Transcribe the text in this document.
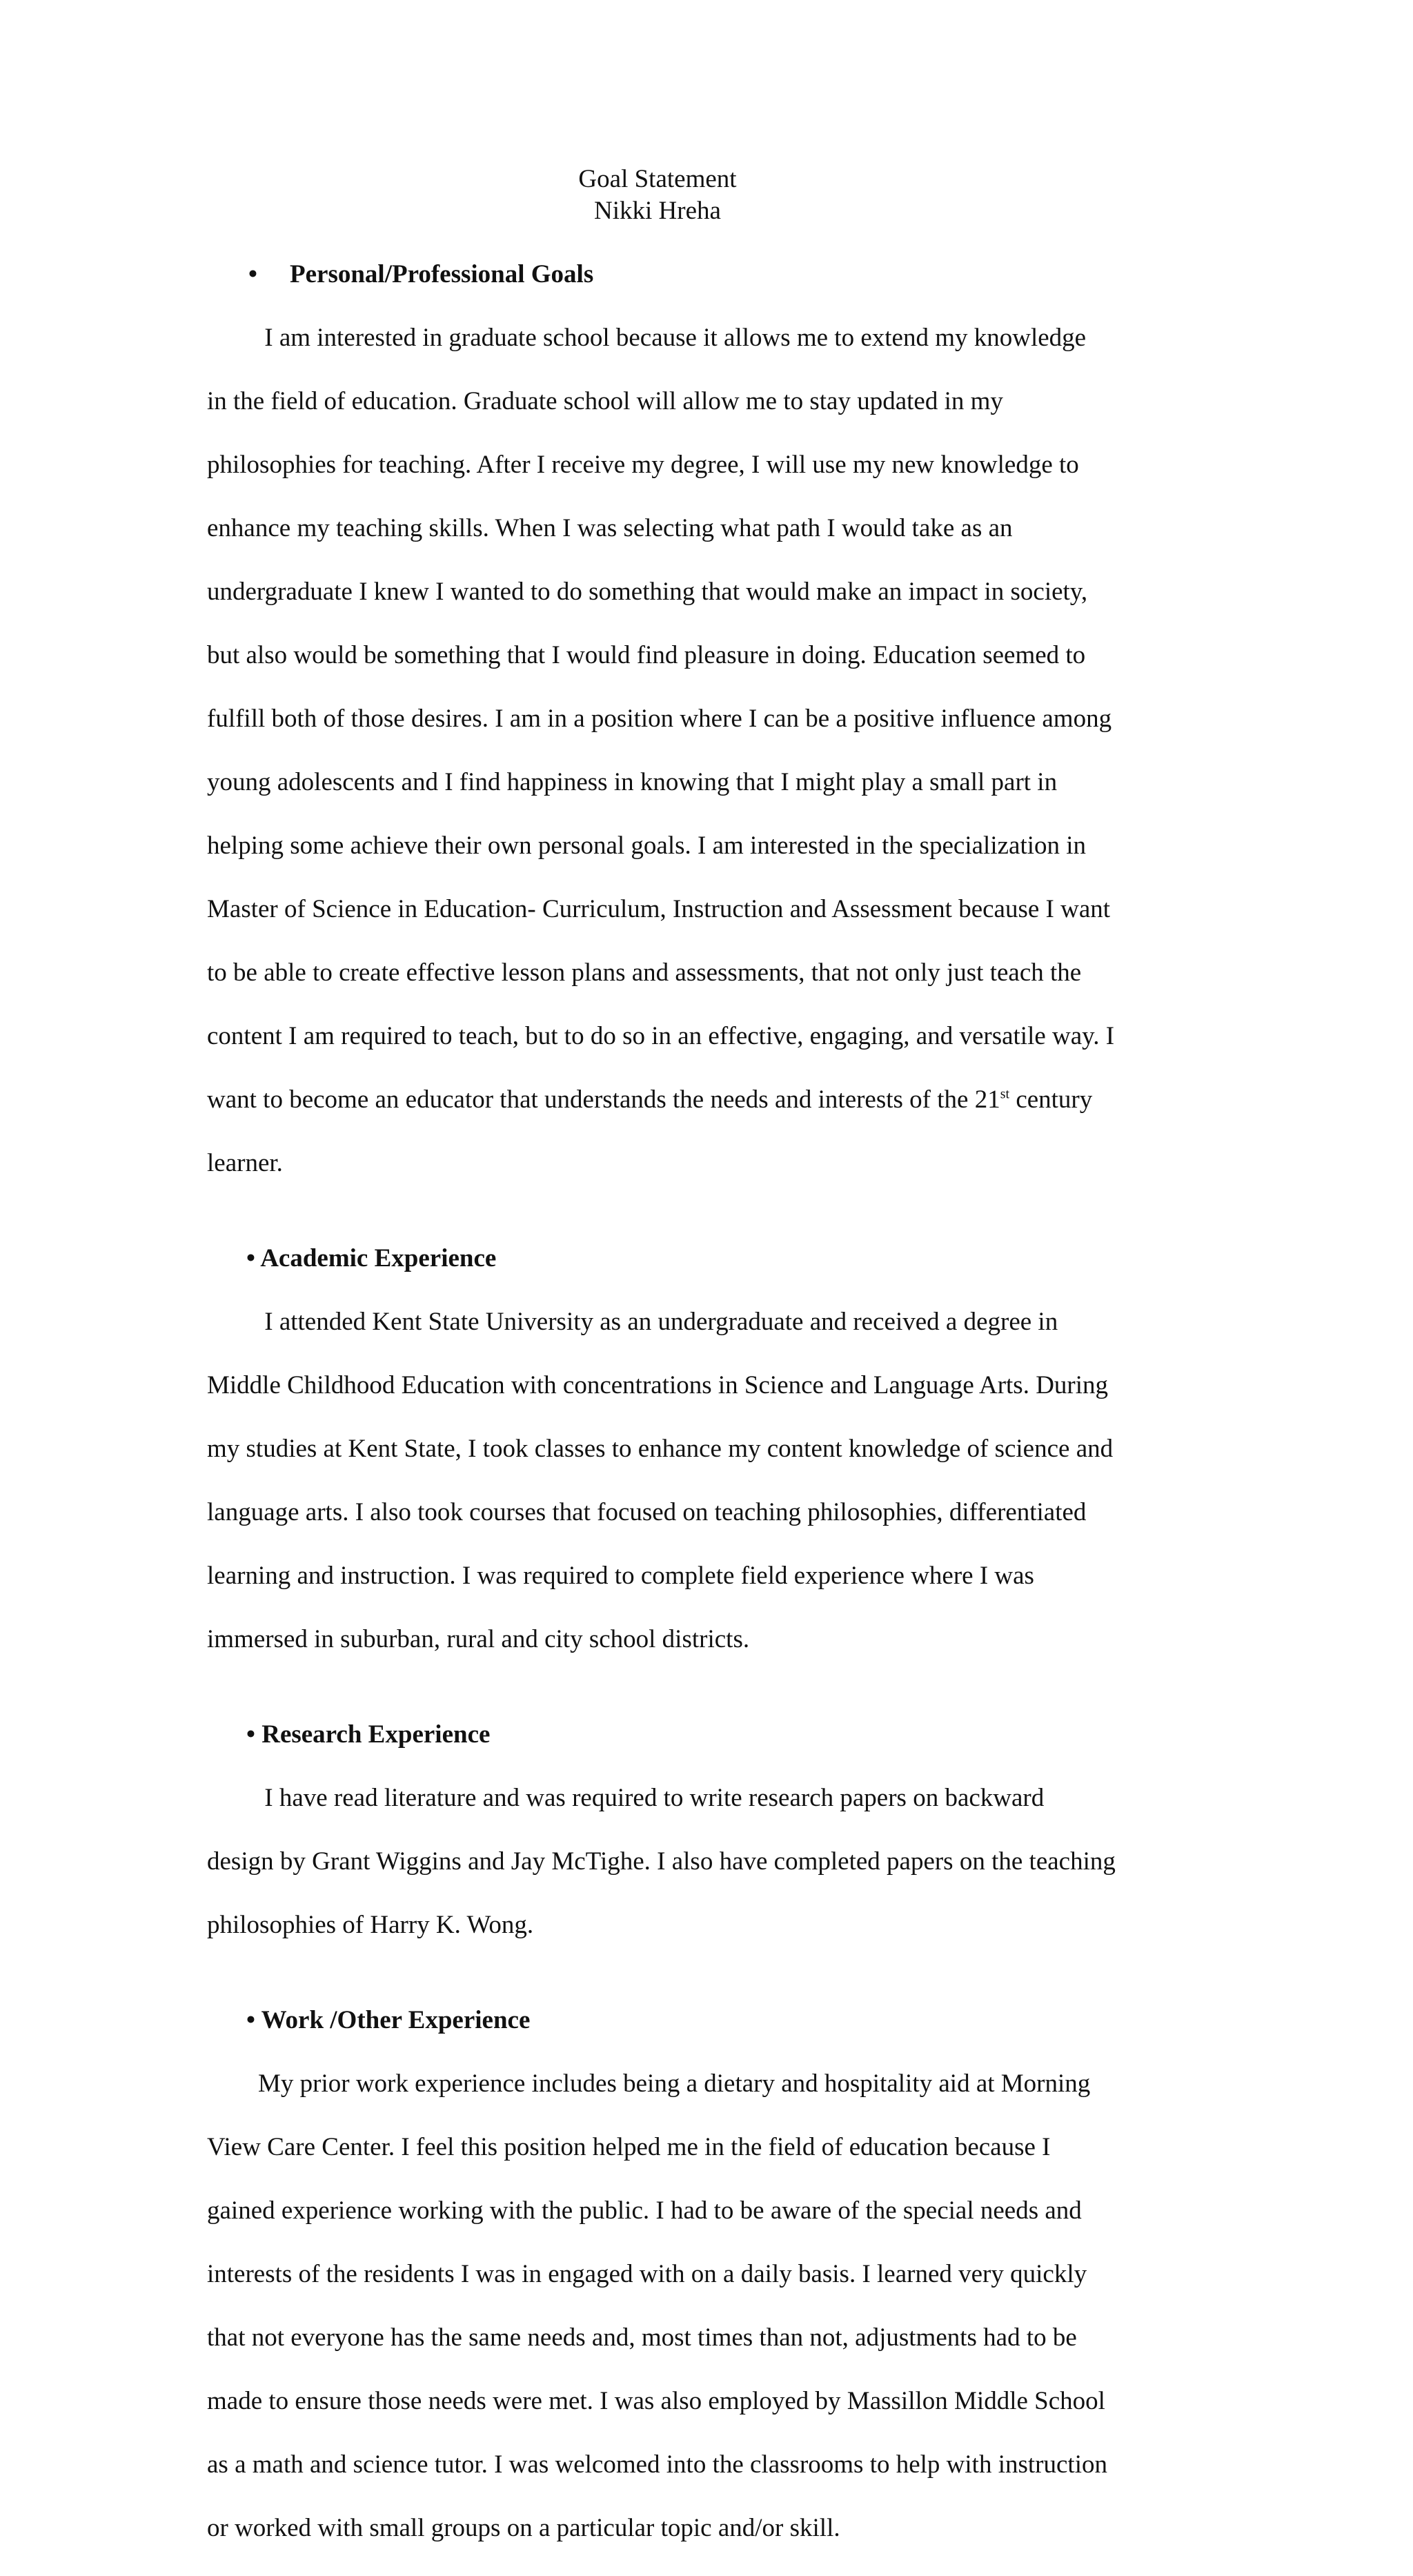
Goal Statement
Nikki Hreha
• Personal/Professional Goals

I am interested in graduate school because it allows me to extend my knowledge

in the field of education. Graduate school will allow me to stay updated in my

philosophies for teaching. After I receive my degree, I will use my new knowledge to

enhance my teaching skills. When I was selecting what path I would take as an

undergraduate I knew I wanted to do something that would make an impact in society,

but also would be something that I would find pleasure in doing. Education seemed to

fulfill both of those desires. I am in a position where I can be a positive influence among

young adolescents and I find happiness in knowing that I might play a small part in

helping some achieve their own personal goals. I am interested in the specialization in

Master of Science in Education- Curriculum, Instruction and Assessment because I want

to be able to create effective lesson plans and assessments, that not only just teach the

content I am required to teach, but to do so in an effective, engaging, and versatile way. I

want to become an educator that understands the needs and interests of the 21st century

learner.

• Academic Experience

I attended Kent State University as an undergraduate and received a degree in

Middle Childhood Education with concentrations in Science and Language Arts. During

my studies at Kent State, I took classes to enhance my content knowledge of science and

language arts. I also took courses that focused on teaching philosophies, differentiated

learning and instruction. I was required to complete field experience where I was

immersed in suburban, rural and city school districts.

• Research Experience

I have read literature and was required to write research papers on backward

design by Grant Wiggins and Jay McTighe. I also have completed papers on the teaching

philosophies of Harry K. Wong.

• Work /Other Experience

My prior work experience includes being a dietary and hospitality aid at Morning

View Care Center. I feel this position helped me in the field of education because I

gained experience working with the public. I had to be aware of the special needs and

interests of the residents I was in engaged with on a daily basis. I learned very quickly

that not everyone has the same needs and, most times than not, adjustments had to be

made to ensure those needs were met. I was also employed by Massillon Middle School

as a math and science tutor. I was welcomed into the classrooms to help with instruction

or worked with small groups on a particular topic and/or skill.
